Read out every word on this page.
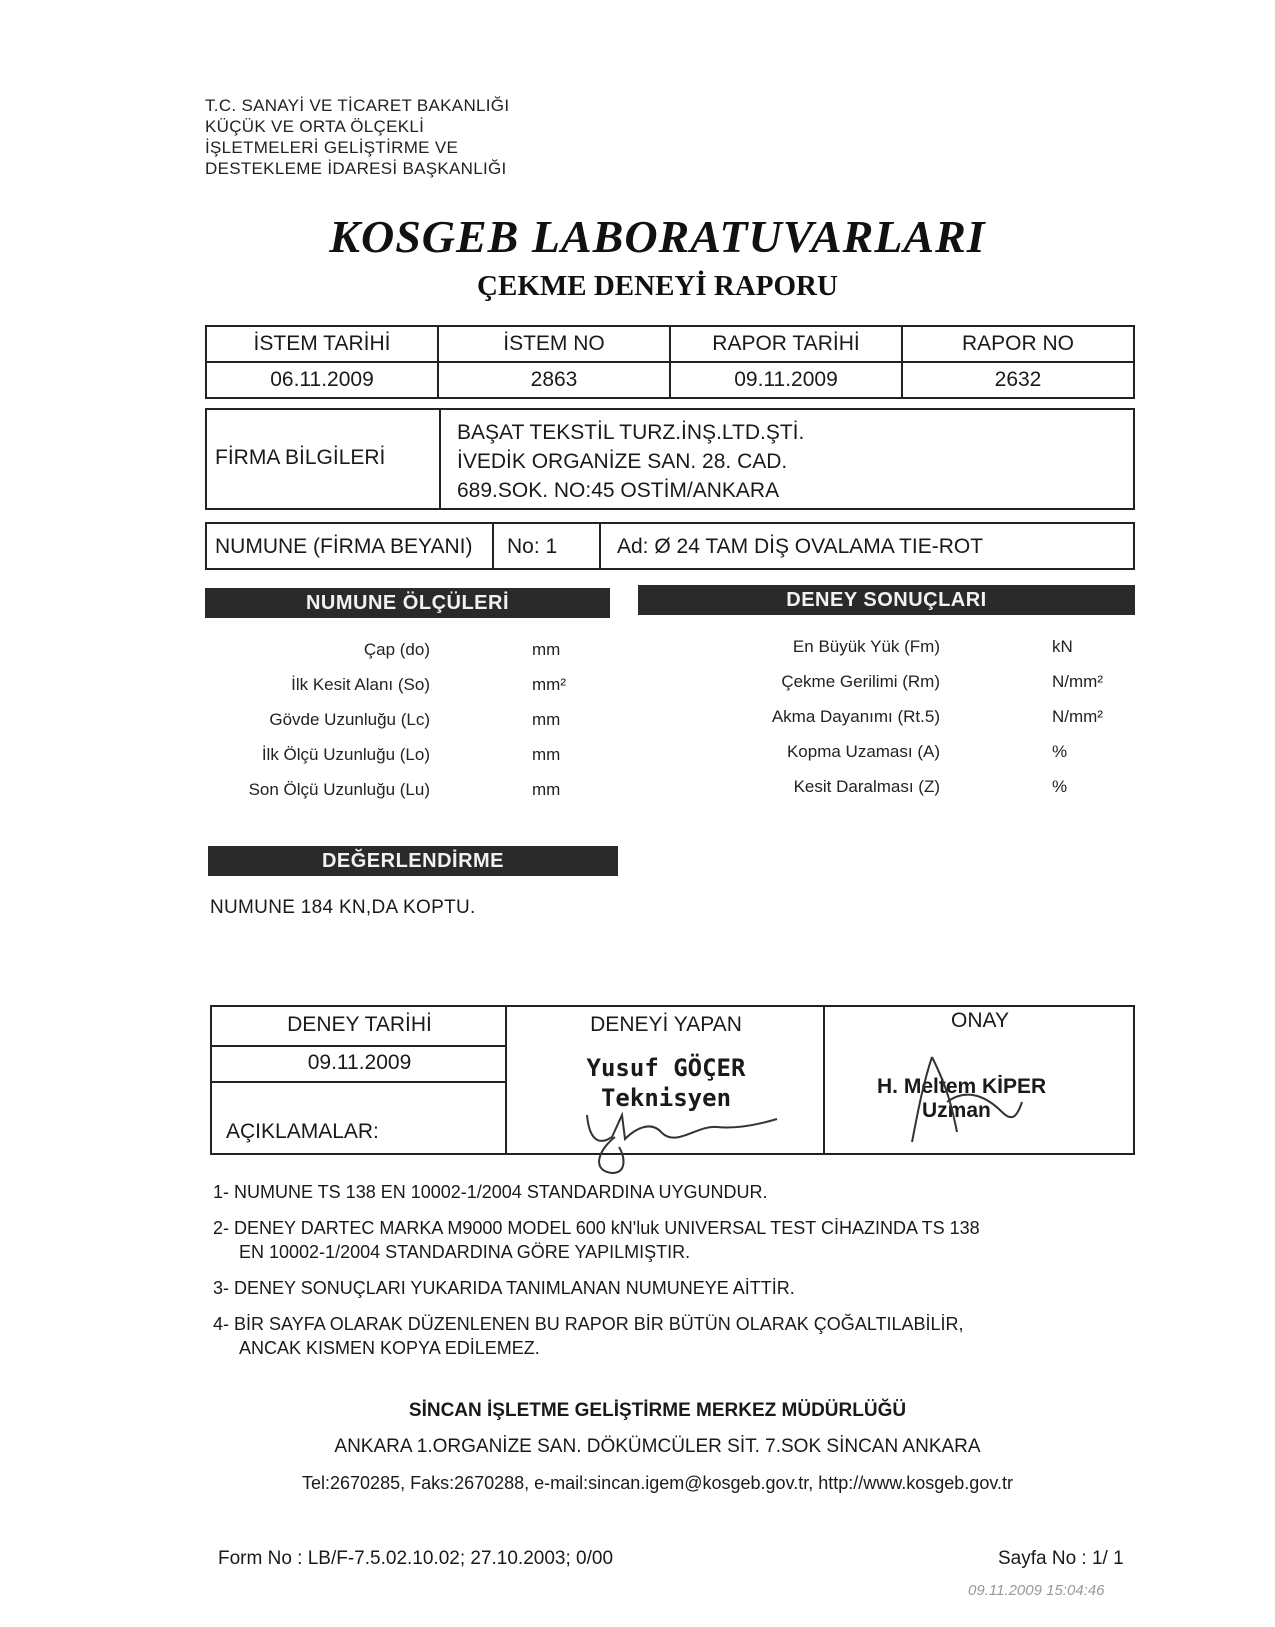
T.C. SANAYİ VE TİCARET BAKANLIĞI
KÜÇÜK VE ORTA ÖLÇEKLİ
İŞLETMELERİ GELİŞTİRME VE
DESTEKLEME İDARESİ BAŞKANLIĞI
KOSGEB LABORATUVARLARI
ÇEKME DENEYİ RAPORU
İSTEM TARİHİ	İSTEM NO	RAPOR TARİHİ	RAPOR NO
06.11.2009	2863	09.11.2009	2632
FİRMA BİLGİLERİ
BAŞAT TEKSTİL TURZ.İNŞ.LTD.ŞTİ.
İVEDİK ORGANİZE SAN. 28. CAD.
689.SOK. NO:45 OSTİM/ANKARA
NUMUNE (FİRMA BEYANI) No: 1	Ad: Ø 24 TAM DİŞ OVALAMA TIE-ROT
NUMUNE ÖLÇÜLERİ	DENEY SONUÇLARI
Çap (do)	mm
İlk Kesit Alanı (So)	mm²
Gövde Uzunluğu (Lc)	mm
İlk Ölçü Uzunluğu (Lo)	mm
Son Ölçü Uzunluğu (Lu)	mm
En Büyük Yük (Fm)	kN
Çekme Gerilimi (Rm)	N/mm²
Akma Dayanımı (Rt.5)	N/mm²
Kopma Uzaması (A)	%
Kesit Daralması (Z)	%
DEĞERLENDİRME
NUMUNE 184 KN,DA KOPTU.
DENEY TARİHİ
09.11.2009
AÇIKLAMALAR:
DENEYİ YAPAN
Yusuf GÖÇER
Teknisyen
ONAY
H. Meltem KİPER
Uzman
1- NUMUNE TS 138 EN 10002-1/2004 STANDARDINA UYGUNDUR.
2- DENEY DARTEC MARKA M9000 MODEL 600 kN'luk UNIVERSAL TEST CİHAZINDA TS 138
EN 10002-1/2004 STANDARDINA GÖRE YAPILMIŞTIR.
3- DENEY SONUÇLARI YUKARIDA TANIMLANAN NUMUNEYE AİTTİR.
4- BİR SAYFA OLARAK DÜZENLENEN BU RAPOR BİR BÜTÜN OLARAK ÇOĞALTILABİLİR,
ANCAK KISMEN KOPYA EDİLEMEZ.
SİNCAN İŞLETME GELİŞTİRME MERKEZ MÜDÜRLÜĞÜ
ANKARA 1.ORGANİZE SAN. DÖKÜMCÜLER SİT. 7.SOK SİNCAN ANKARA
Tel:2670285, Faks:2670288, e-mail:sincan.igem@kosgeb.gov.tr, http://www.kosgeb.gov.tr
Form No : LB/F-7.5.02.10.02; 27.10.2003; 0/00	Sayfa No : 1/ 1
09.11.2009 15:04:46
